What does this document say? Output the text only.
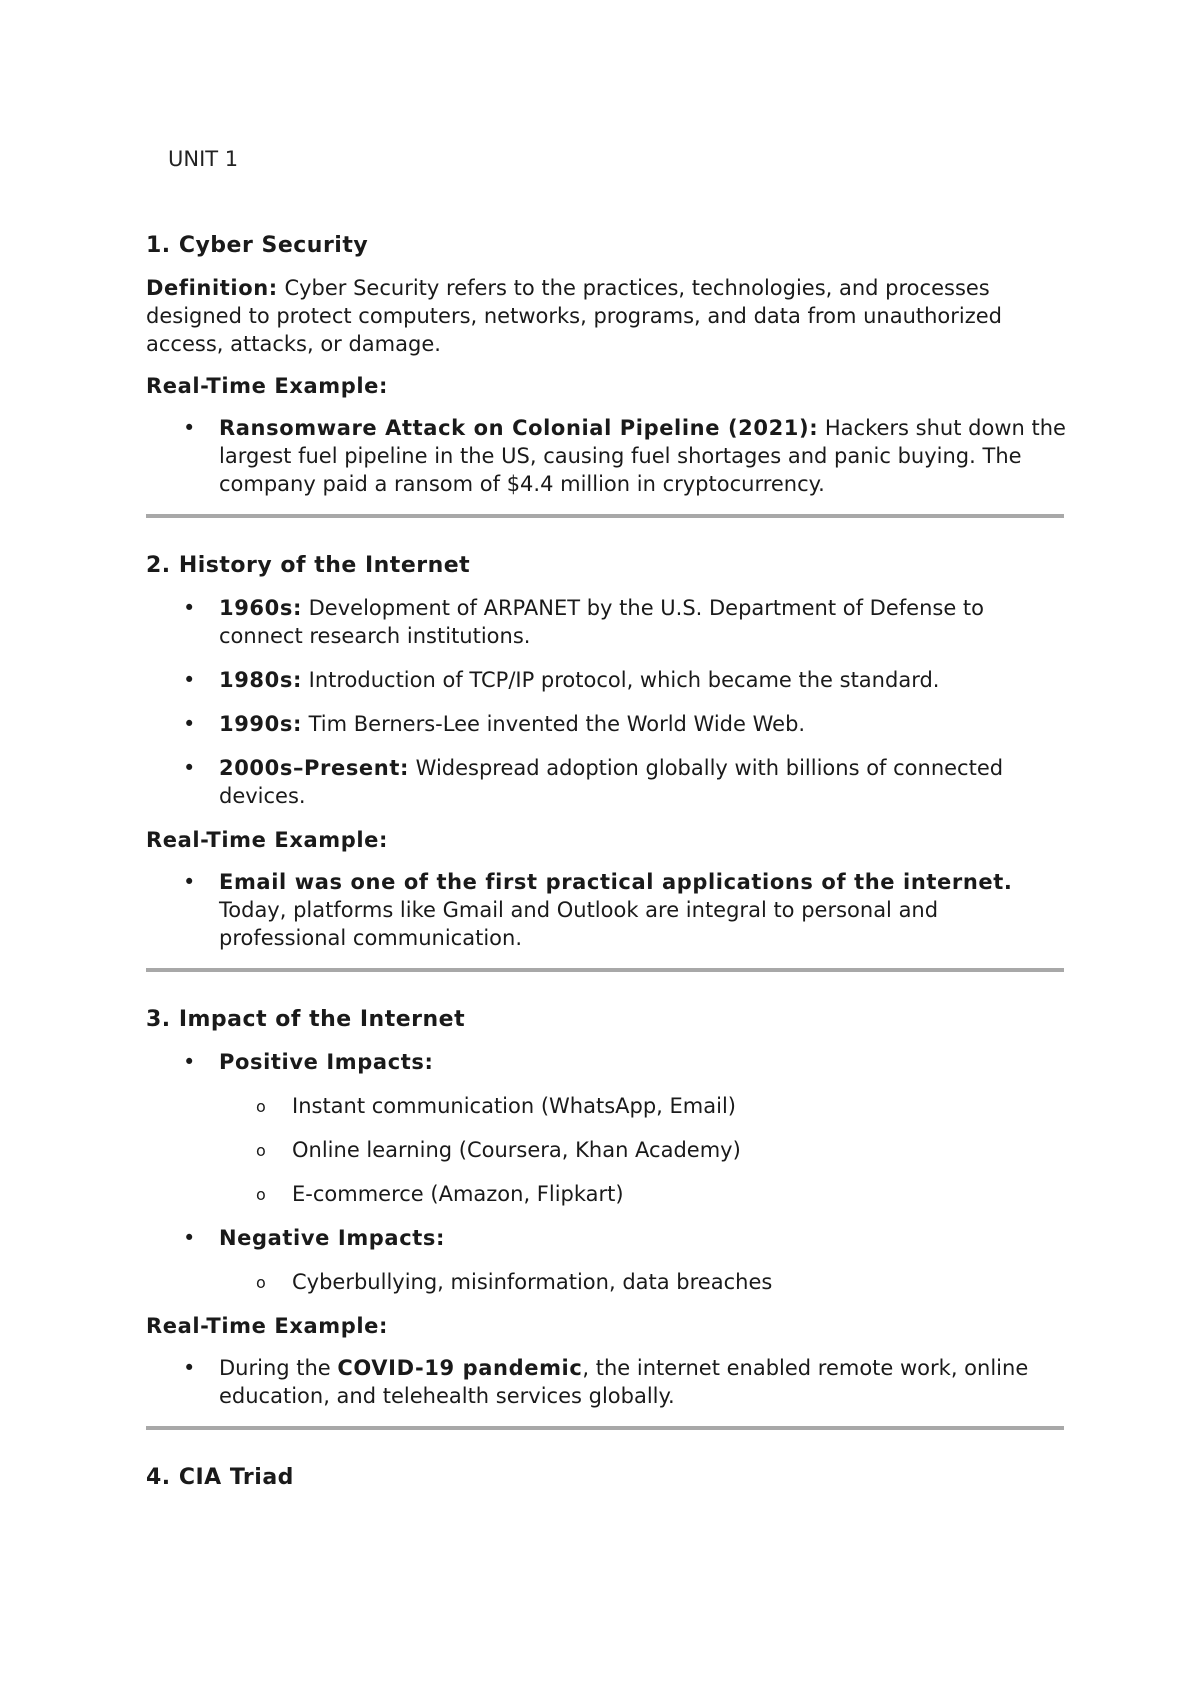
UNIT 1
1. Cyber Security

Definition: Cyber Security refers to the practices, technologies, and processes designed to protect computers, networks, programs, and data from unauthorized access, attacks, or damage.

Real-Time Example:
• Ransomware Attack on Colonial Pipeline (2021): Hackers shut down the largest fuel pipeline in the US, causing fuel shortages and panic buying. The company paid a ransom of $4.4 million in cryptocurrency.
2. History of the Internet
• 1960s: Development of ARPANET by the U.S. Department of Defense to connect research institutions.
• 1980s: Introduction of TCP/IP protocol, which became the standard.
• 1990s: Tim Berners-Lee invented the World Wide Web.
• 2000s–Present: Widespread adoption globally with billions of connected devices.
Real-Time Example:
• Email was one of the first practical applications of the internet. Today, platforms like Gmail and Outlook are integral to personal and professional communication.
3. Impact of the Internet
• Positive Impacts:
o Instant communication (WhatsApp, Email)
o Online learning (Coursera, Khan Academy)
o E-commerce (Amazon, Flipkart)
• Negative Impacts:
o Cyberbullying, misinformation, data breaches
Real-Time Example:
• During the COVID-19 pandemic, the internet enabled remote work, online education, and telehealth services globally.
4. CIA Triad
